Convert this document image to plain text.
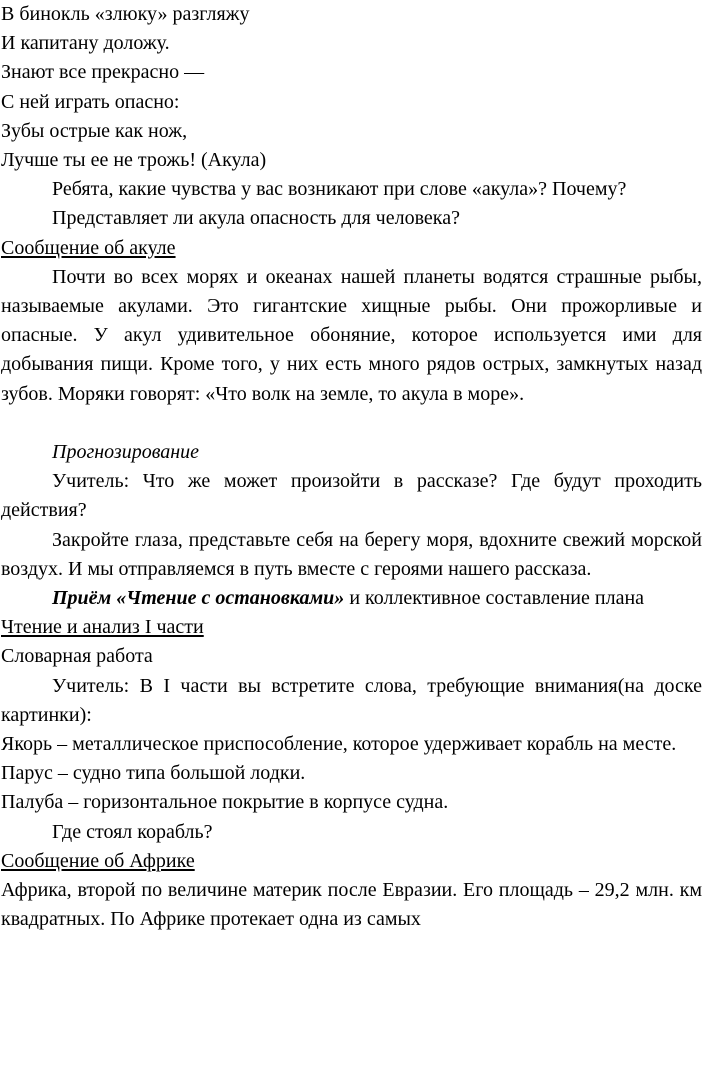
В бинокль «злюку» разгляжу

И капитану доложу.

Знают все прекрасно —

С ней играть опасно:

Зубы острые как нож,

Лучше ты ее не трожь! (Акула)

Ребята, какие чувства у вас возникают при слове «акула»? Почему?

Представляет ли акула опасность для человека?

Сообщение об акуле

Почти во всех морях и океанах нашей планеты водятся страшные рыбы, называемые акулами. Это гигантские хищные рыбы. Они прожорливые и опасные. У акул удивительное обоняние, которое используется ими для добывания пищи. Кроме того, у них есть много рядов острых, замкнутых назад зубов. Моряки говорят: «Что волк на земле, то акула в море».

Прогнозирование

Учитель: Что же может произойти в рассказе? Где будут проходить действия?

Закройте глаза, представьте себя на берегу моря, вдохните свежий морской воздух. И мы отправляемся в путь вместе с героями нашего рассказа.

Приём «Чтение с остановками» и коллективное составление плана

Чтение и анализ I части

Словарная работа

Учитель: В I части вы встретите слова, требующие внимания(на доске картинки):

Якорь – металлическое приспособление, которое удерживает корабль на месте.

Парус – судно типа большой лодки.

Палуба – горизонтальное покрытие в корпусе судна.

Где стоял корабль?

Сообщение об Африке

Африка, второй по величине материк после Евразии. Его площадь – 29,2 млн. км квадратных. По Африке протекает одна из самых
